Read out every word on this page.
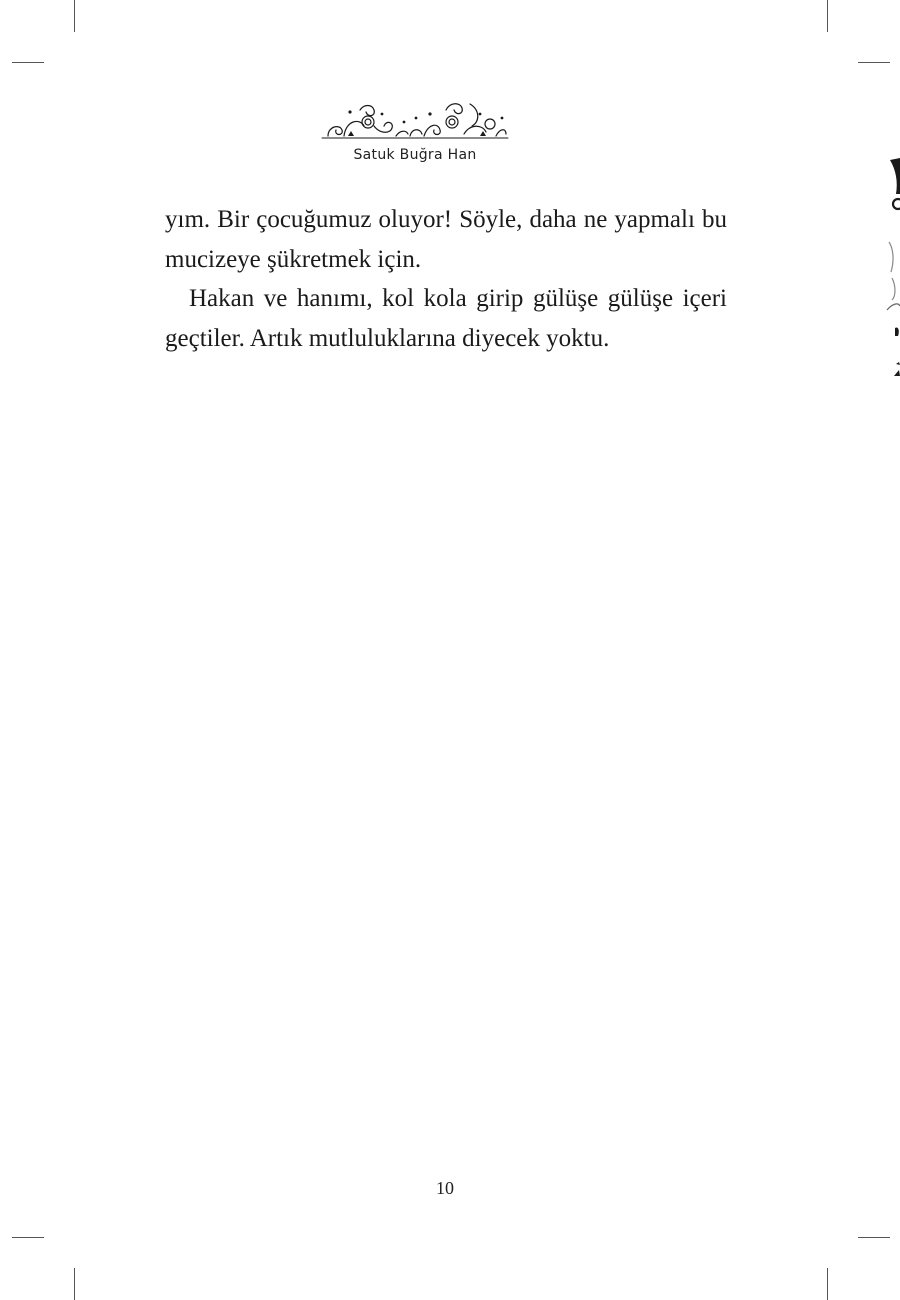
Satuk Buğra Han

yım. Bir çocuğumuz oluyor! Söyle, daha ne yapmalı bu mucizeye şükretmek için.

Hakan ve hanımı, kol kola girip gülüşe gülüşe içeri geçtiler. Artık mutluluklarına diyecek yoktu.

10
